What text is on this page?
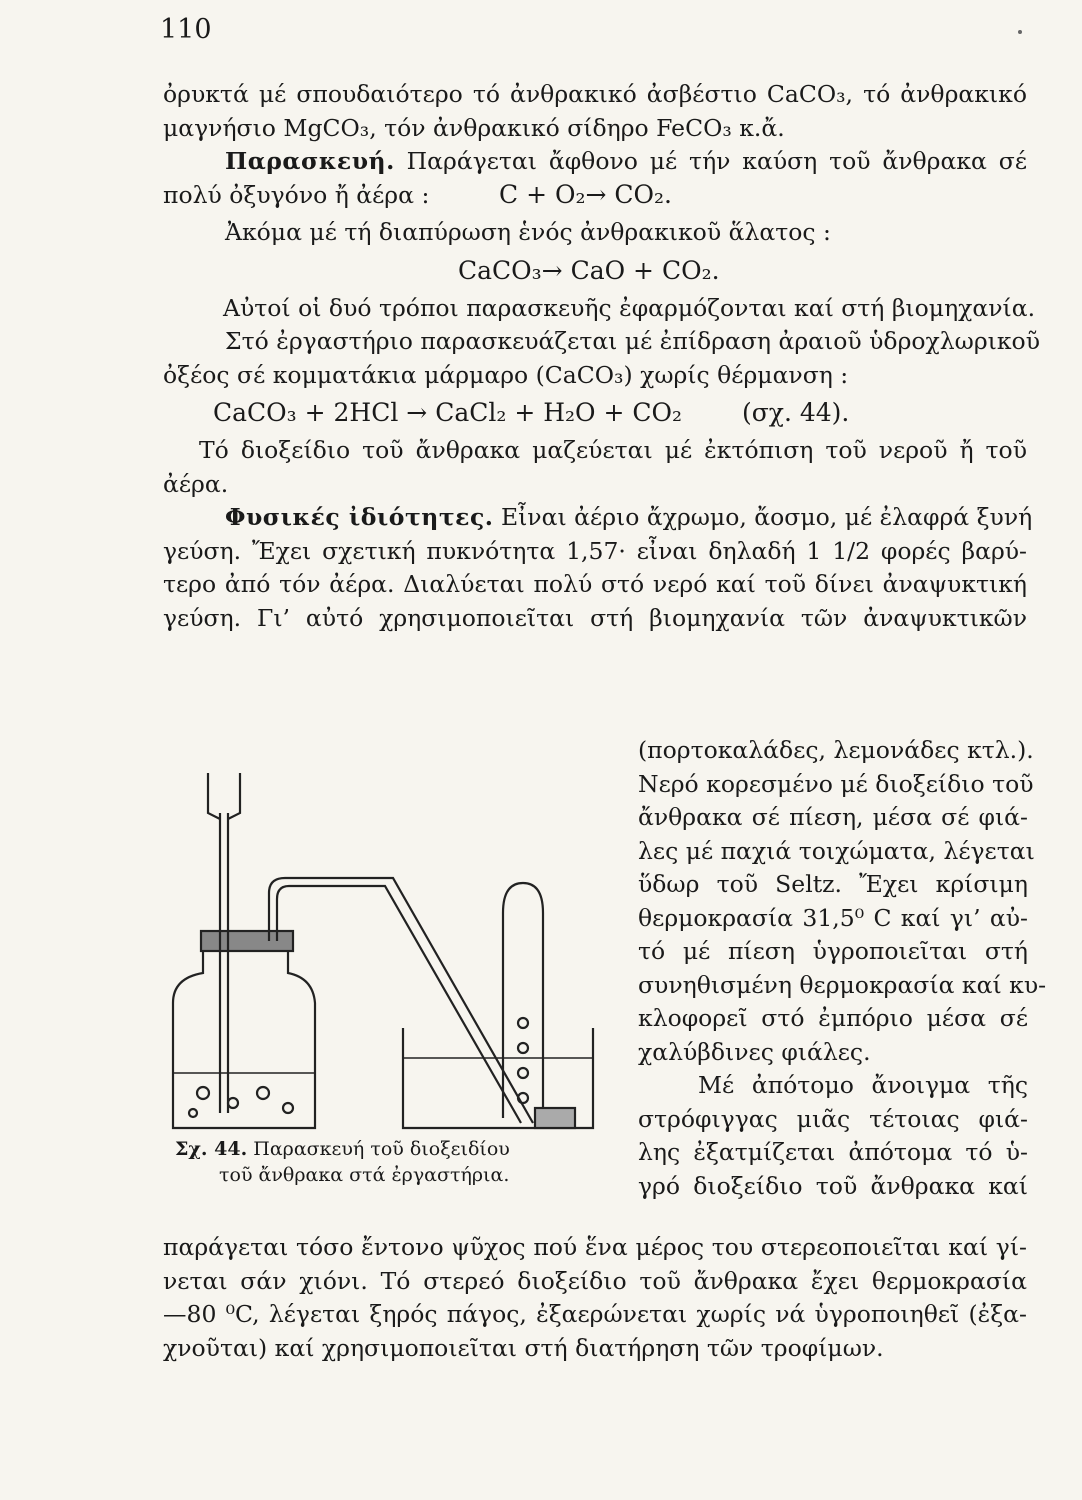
110
ὀρυκτά μέ σπουδαιότερο τό ἀνθρακικό ἀσβέστιο CaCO₃, τό ἀνθρακικό
μαγνήσιο MgCO₃, τόν ἀνθρακικό σίδηρο FeCO₃ κ.ἄ.
Παρασκευή. Παράγεται ἄφθονο μέ τήν καύση τοῦ ἄνθρακα σέ
πολύ ὀξυγόνο ἤ ἀέρα :	C + O₂→ CO₂.
Ἀκόμα μέ τή διαπύρωση ἑνός ἀνθρακικοῦ ἅλατος :
CaCO₃→ CaO + CO₂.
Αὐτοί οἱ δυό τρόποι παρασκευῆς ἐφαρμόζονται καί στή βιομηχανία.
Στό ἐργαστήριο παρασκευάζεται μέ ἐπίδραση ἀραιοῦ ὑδροχλωρικοῦ
ὀξέος σέ κομματάκια μάρμαρο (CaCO₃) χωρίς θέρμανση :
CaCO₃ + 2HCl → CaCl₂ + H₂O + CO₂ (σχ. 44).
Τό διοξείδιο τοῦ ἄνθρακα μαζεύεται μέ ἐκτόπιση τοῦ νεροῦ ἤ τοῦ
ἀέρα.
Φυσικές ἰδιότητες. Εἶναι ἀέριο ἄχρωμο, ἄοσμο, μέ ἐλαφρά ξυνή
γεύση. Ἔχει σχετική πυκνότητα 1,57· εἶναι δηλαδή 1 1/2 φορές βαρύ-
τερο ἀπό τόν ἀέρα. Διαλύεται πολύ στό νερό καί τοῦ δίνει ἀναψυκτική
γεύση. Γι’ αὐτό χρησιμοποιεῖται στή βιομηχανία τῶν ἀναψυκτικῶν
Σχ. 44. Παρασκευή τοῦ διοξειδίου
τοῦ ἄνθρακα στά ἐργαστήρια.
(πορτοκαλάδες, λεμονάδες κτλ.).
Νερό κορεσμένο μέ διοξείδιο τοῦ
ἄνθρακα σέ πίεση, μέσα σέ φιά-
λες μέ παχιά τοιχώματα, λέγεται
ὕδωρ τοῦ Seltz. Ἔχει κρίσιμη
θερμοκρασία 31,5⁰ C καί γι’ αὐ-
τό μέ πίεση ὑγροποιεῖται στή
συνηθισμένη θερμοκρασία καί κυ-
κλοφορεῖ στό ἐμπόριο μέσα σέ
χαλύβδινες φιάλες.
Μέ ἀπότομο ἄνοιγμα τῆς
στρόφιγγας μιᾶς τέτοιας φιά-
λης ἐξατμίζεται ἀπότομα τό ὑ-
γρό διοξείδιο τοῦ ἄνθρακα καί
παράγεται τόσο ἔντονο ψῦχος πού ἕνα μέρος του στερεοποιεῖται καί γί-
νεται σάν χιόνι. Τό στερεό διοξείδιο τοῦ ἄνθρακα ἔχει θερμοκρασία
—80 ⁰C, λέγεται ξηρός πάγος, ἐξαερώνεται χωρίς νά ὑγροποιηθεῖ (ἐξα-
χνοῦται) καί χρησιμοποιεῖται στή διατήρηση τῶν τροφίμων.
